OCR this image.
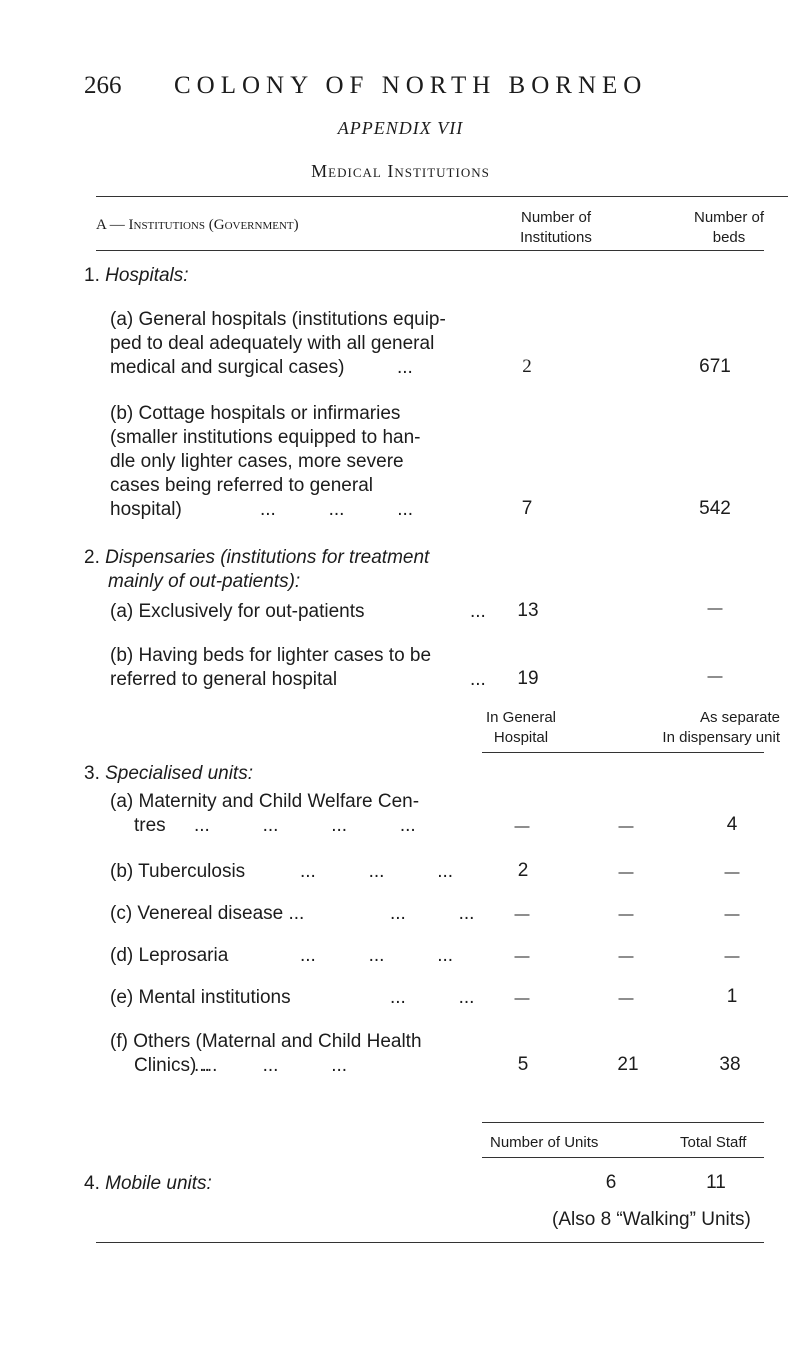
266 COLONY OF NORTH BORNEO
APPENDIX VII
Medical Institutions
A — Institutions (Government)	Number of
Institutions
Number of
beds
1. Hospitals:
(a) General hospitals (institutions equip-
ped to deal adequately with all general
medical and surgical cases)	...	2	671
(b) Cottage hospitals or infirmaries
(smaller institutions equipped to han-
dle only lighter cases, more severe
cases being referred to general
hospital)	...          ...          ...	7	542
2. Dispensaries (institutions for treatment
mainly of out-patients):
(a) Exclusively for out-patients	...	13	—
(b) Having beds for lighter cases to be
referred to general hospital	...	19	—
In General
Hospital
As separate
In dispensary unit
3. Specialised units:
(a) Maternity and Child Welfare Cen-
tres	...          ...          ...          ...	—	—	4
(b) Tuberculosis	...          ...          ...	2	—	—
(c) Venereal disease ...	...          ...	—	—	—
(d) Leprosaria	...          ...          ...	—	—	—
(e) Mental institutions	...          ...	—	—	1
(f) Others (Maternal and Child Health
Clinics) ...
...          ...          ...	5	21	38
Number of Units	Total Staff
4. Mobile units:	6	11
(Also 8 “Walking” Units)
